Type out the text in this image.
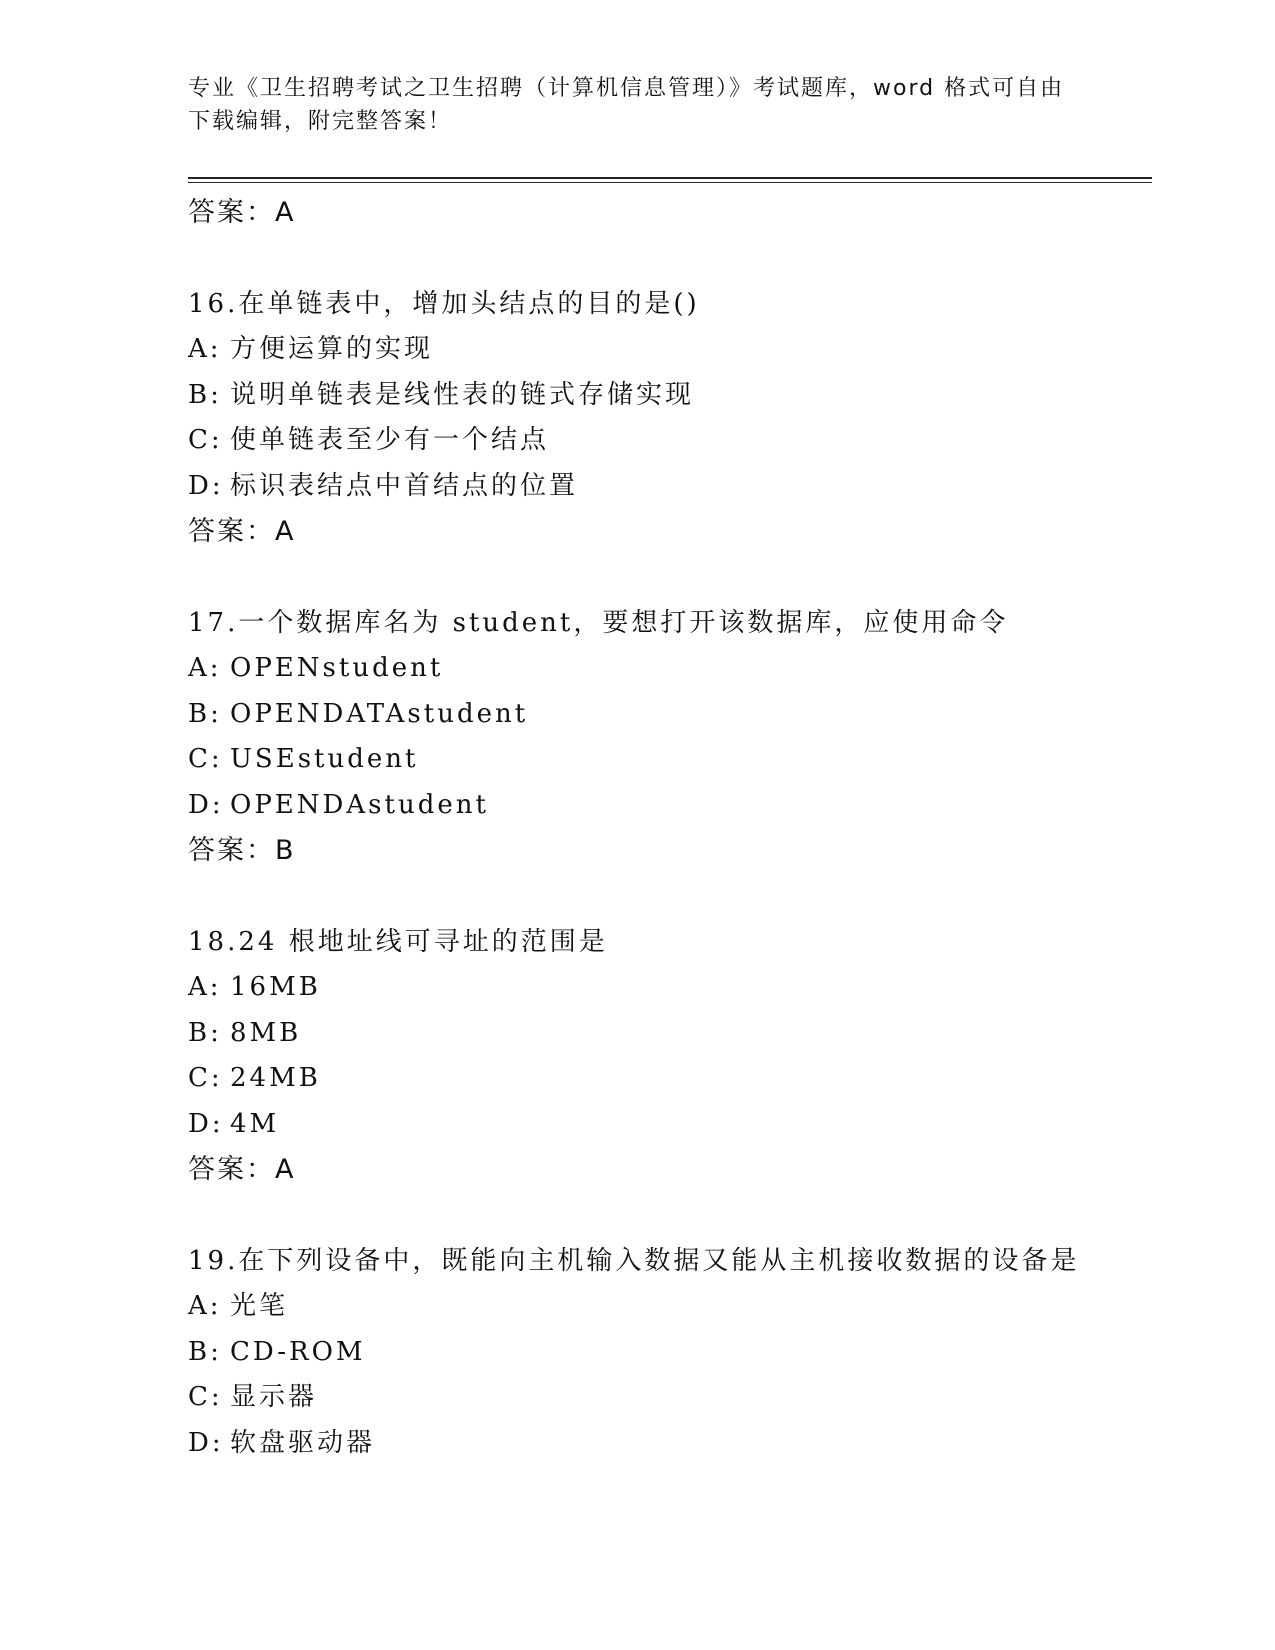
专业《卫生招聘考试之卫生招聘（计算机信息管理）》考试题库，word 格式可自由下载编辑，附完整答案！
答案：A
16.在单链表中，增加头结点的目的是()
A: 方便运算的实现
B: 说明单链表是线性表的链式存储实现
C: 使单链表至少有一个结点
D: 标识表结点中首结点的位置
答案：A
17.一个数据库名为 student，要想打开该数据库，应使用命令
A: OPENstudent
B: OPENDATAstudent
C: USEstudent
D: OPENDAstudent
答案：B
18.24 根地址线可寻址的范围是
A: 16MB
B: 8MB
C: 24MB
D: 4M
答案：A
19.在下列设备中，既能向主机输入数据又能从主机接收数据的设备是
A: 光笔
B: CD-ROM
C: 显示器
D: 软盘驱动器
